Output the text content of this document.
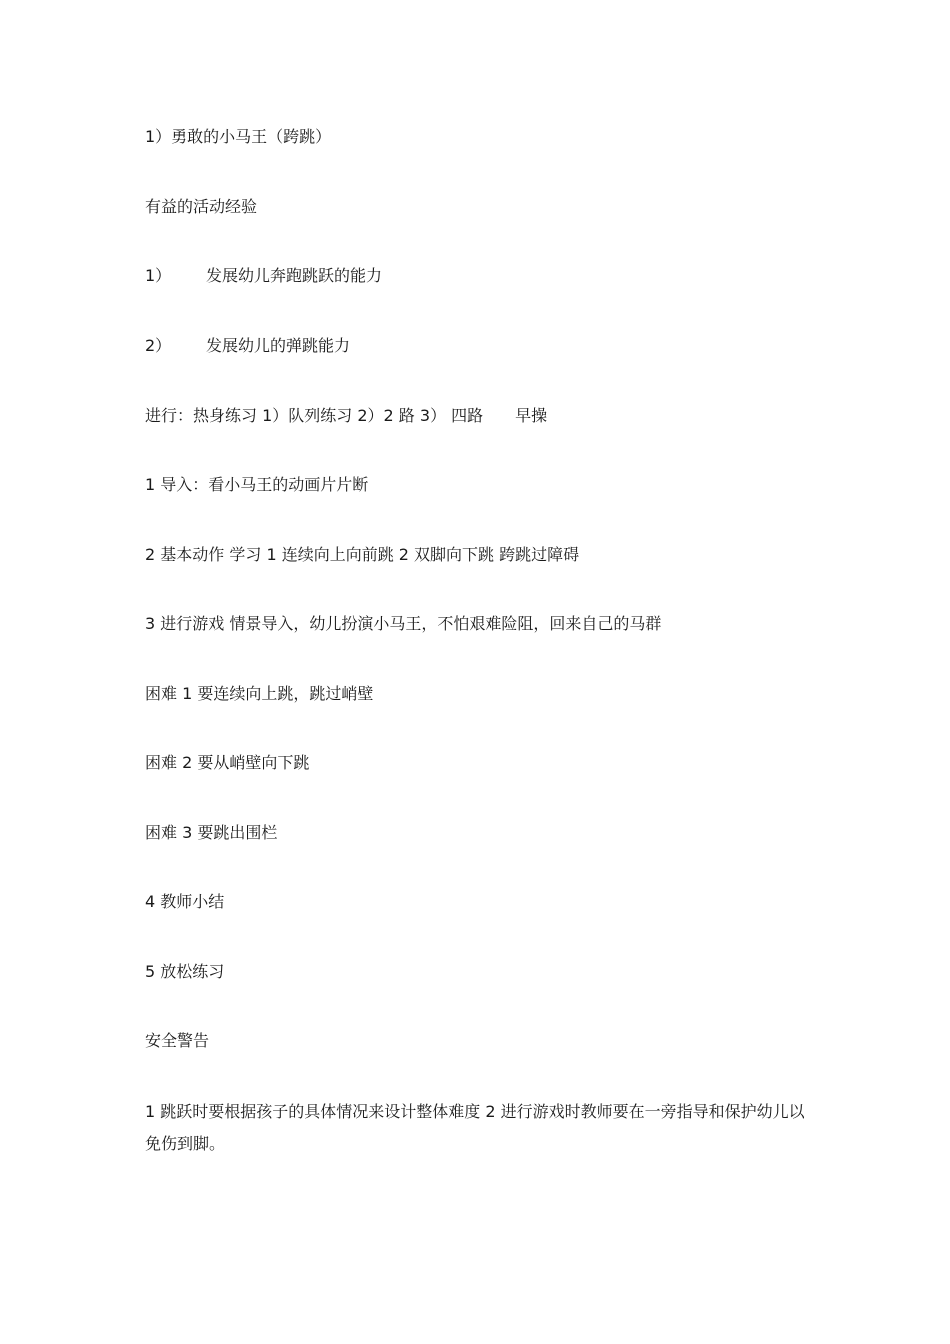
1）勇敢的小马王（跨跳）
有益的活动经验
1） 发展幼儿奔跑跳跃的能力
2） 发展幼儿的弹跳能力
进行：热身练习 1）队列练习 2）2 路 3） 四路　　早操
1 导入：看小马王的动画片片断
2 基本动作 学习 1 连续向上向前跳 2 双脚向下跳 跨跳过障碍
3 进行游戏 情景导入，幼儿扮演小马王，不怕艰难险阻，回来自己的马群
困难 1 要连续向上跳，跳过峭壁
困难 2 要从峭壁向下跳
困难 3 要跳出围栏
4 教师小结
5 放松练习
安全警告
1 跳跃时要根据孩子的具体情况来设计整体难度 2 进行游戏时教师要在一旁指导和保护幼儿以免伤到脚。
